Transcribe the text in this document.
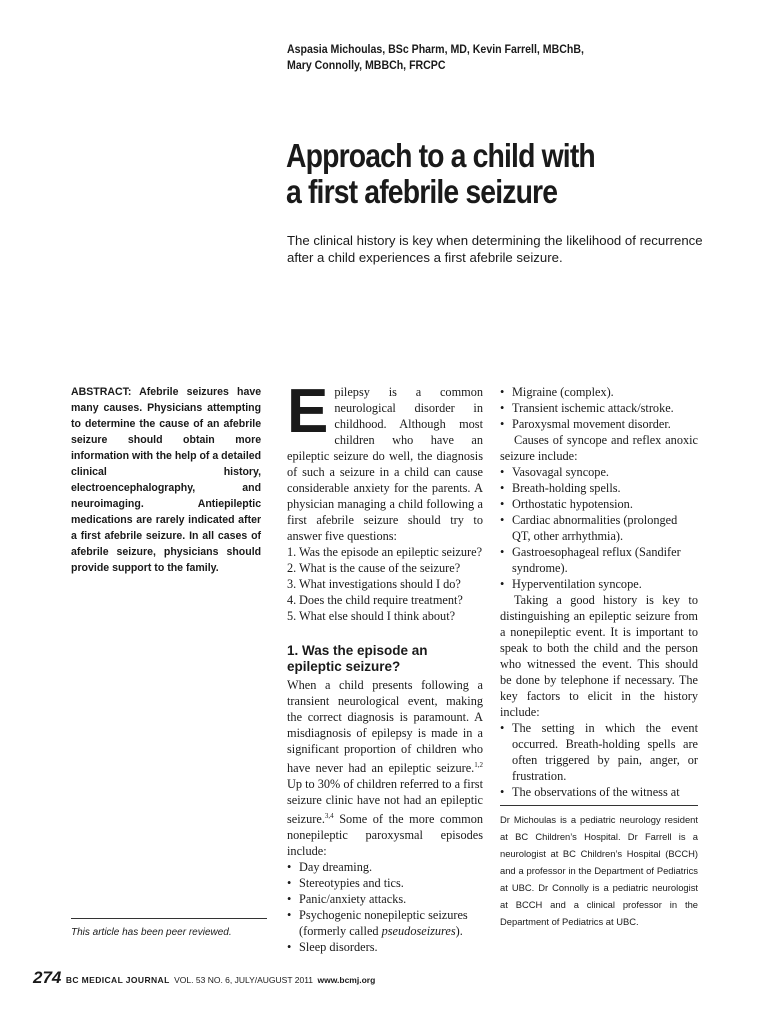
Aspasia Michoulas, BSc Pharm, MD, Kevin Farrell, MBChB,
Mary Connolly, MBBCh, FRCPC
Approach to a child with
a first afebrile seizure
The clinical history is key when determining the likelihood of recurrence after a child experiences a first afebrile seizure.
ABSTRACT: Afebrile seizures have many causes. Physicians attempting to determine the cause of an afebrile seizure should obtain more information with the help of a detailed clinical history, electroencephalography, and neuroimaging. Antiepileptic medications are rarely indicated after a first afebrile seizure. In all cases of afebrile seizure, physicians should provide support to the family.
This article has been peer reviewed.

Epilepsy is a common neurological disorder in childhood. Although most children who have an epileptic seizure do well, the diagnosis of such a seizure in a child can cause considerable anxiety for the parents. A physician managing a child following a first afebrile seizure should try to answer five questions:

1. Was the episode an epileptic seizure?
2. What is the cause of the seizure?
3. What investigations should I do?
4. Does the child require treatment?
5. What else should I think about?
1. Was the episode an
epileptic seizure?

When a child presents following a transient neurological event, making the correct diagnosis is paramount. A misdiagnosis of epilepsy is made in a significant proportion of children who have never had an epileptic seizure.$^{1,2}$ Up to 30% of children referred to a first seizure clinic have not had an epileptic seizure.$^{3,4}$ Some of the more common nonepileptic paroxysmal episodes include:

• Day dreaming.
• Stereotypies and tics.
• Panic/anxiety attacks.
• Psychogenic nonepileptic seizures (formerly called pseudoseizures).
• Sleep disorders.
• Migraine (complex).
• Transient ischemic attack/stroke.
• Paroxysmal movement disorder.

Causes of syncope and reflex anoxic seizure include:

• Vasovagal syncope.
• Breath-holding spells.
• Orthostatic hypotension.
• Cardiac abnormalities (prolonged QT, other arrhythmia).
• Gastroesophageal reflux (Sandifer syndrome).
• Hyperventilation syncope.

Taking a good history is key to distinguishing an epileptic seizure from a nonepileptic event. It is important to speak to both the child and the person who witnessed the event. This should be done by telephone if necessary. The key factors to elicit in the history include:

• The setting in which the event occurred. Breath-holding spells are often triggered by pain, anger, or frustration.
• The observations of the witness at
Dr Michoulas is a pediatric neurology resident at BC Children’s Hospital. Dr Farrell is a neurologist at BC Children’s Hospital (BCCH) and a professor in the Department of Pediatrics at UBC. Dr Connolly is a pediatric neurologist at BCCH and a clinical professor in the Department of Pediatrics at UBC.
274 BC MEDICAL JOURNAL VOL. 53 NO. 6, JULY/AUGUST 2011 www.bcmj.org
